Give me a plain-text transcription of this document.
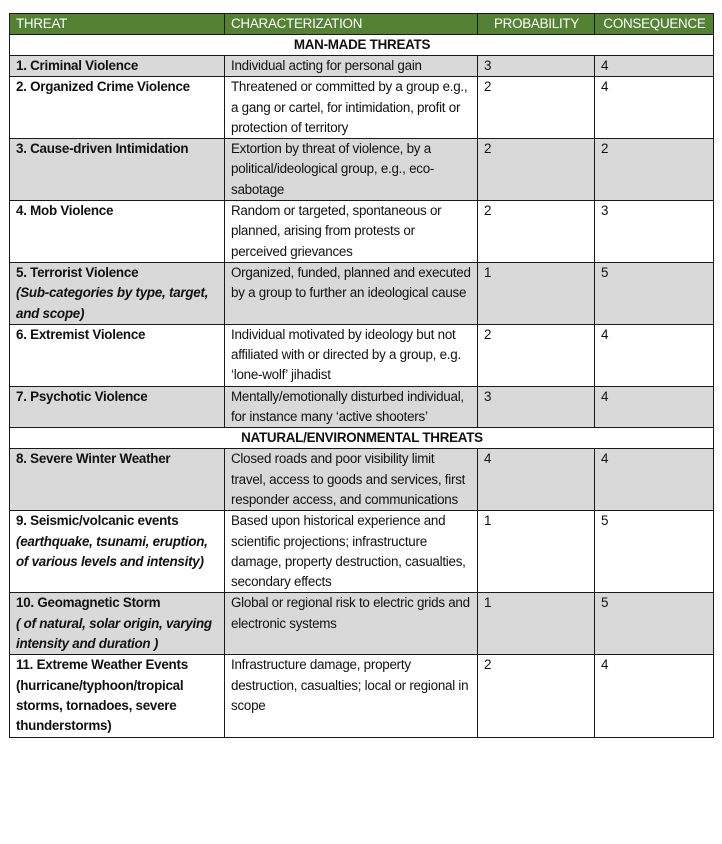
THREAT	CHARACTERIZATION	PROBABILITY	CONSEQUENCE
MAN-MADE THREATS			

1. Criminal Violence	Individual acting for personal gain	3	4

2. Organized Crime Violence	Threatened or committed by a group e.g., a gang or cartel, for intimidation, profit or protection of territory	2	4

3. Cause-driven Intimidation	Extortion by threat of violence, by a political/ideological group, e.g., eco-sabotage	2	2

4. Mob Violence	Random or targeted, spontaneous or planned, arising from protests or perceived grievances	2	3

5. Terrorist Violence
(Sub-categories by type, target, and scope)	Organized, funded, planned and executed by a group to further an ideological cause	1	5

6. Extremist Violence	Individual motivated by ideology but not affiliated with or directed by a group, e.g. ‘lone-wolf’ jihadist	2	4

7. Psychotic Violence	Mentally/emotionally disturbed individual, for instance many ‘active shooters’	3	4
NATURAL/ENVIRONMENTAL THREATS			

8. Severe Winter Weather	Closed roads and poor visibility limit travel, access to goods and services, first responder access, and communications	4	4

9. Seismic/volcanic events
(earthquake, tsunami, eruption, of various levels and intensity)	Based upon historical experience and scientific projections; infrastructure damage, property destruction, casualties, secondary effects	1	5

10. Geomagnetic Storm
( of natural, solar origin, varying intensity and duration )	Global or regional risk to electric grids and electronic systems	1	5

11. Extreme Weather Events
(hurricane/typhoon/tropical storms, tornadoes, severe thunderstorms)	Infrastructure damage, property destruction, casualties; local or regional in scope	2	4
